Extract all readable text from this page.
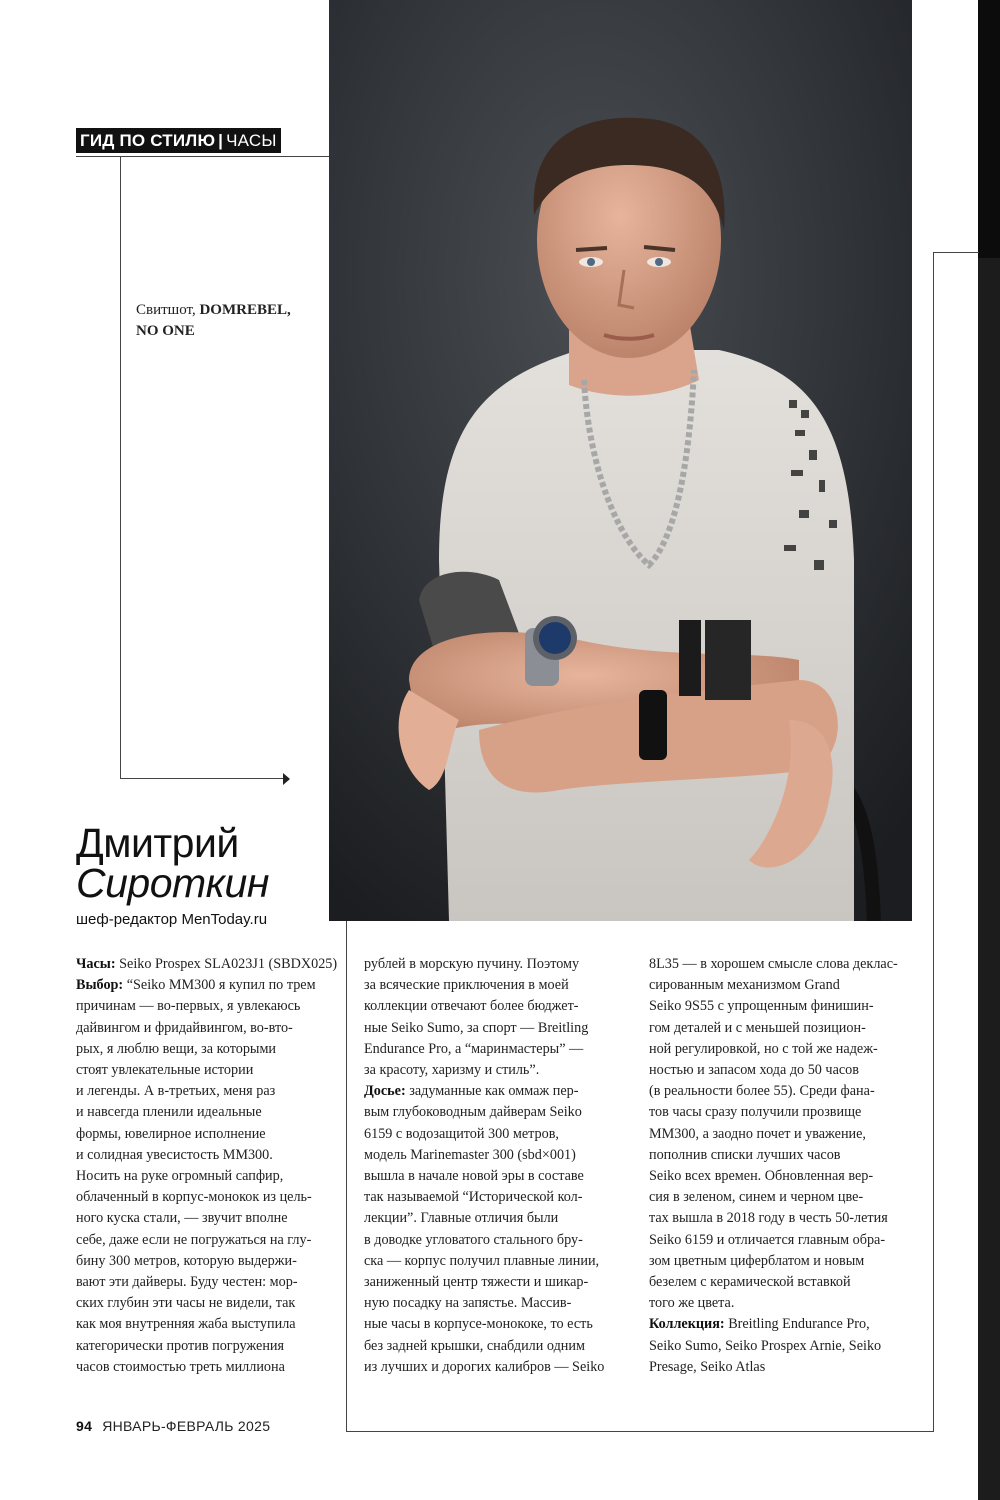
ГИД ПО СТИЛЮ | ЧАСЫ
Свитшот, DOMREBEL,
NO ONE
Дмитрий
Сироткин
шеф-редактор MenToday.ru
Часы: Seiko Prospex SLA023J1 (SBDX025)
Выбор: “Seiko MM300 я купил по трем
причинам — во-первых, я увлекаюсь
дайвингом и фридайвингом, во-вто-
рых, я люблю вещи, за которыми
стоят увлекательные истории
и легенды. А в-третьих, меня раз
и навсегда пленили идеальные
формы, ювелирное исполнение
и солидная увесистость MM300.
Носить на руке огромный сапфир,
облаченный в корпус-монокок из цель-
ного куска стали, — звучит вполне
себе, даже если не погружаться на глу-
бину 300 метров, которую выдержи-
вают эти дайверы. Буду честен: мор-
ских глубин эти часы не видели, так
как моя внутренняя жаба выступила
категорически против погружения
часов стоимостью треть миллиона
рублей в морскую пучину. Поэтому
за всяческие приключения в моей
коллекции отвечают более бюджет-
ные Seiko Sumo, за спорт — Breitling
Endurance Pro, а “маринмастеры” —
за красоту, харизму и стиль”.
Досье: задуманные как оммаж пер-
вым глубоководным дайверам Seiko
6159 с водозащитой 300 метров,
модель Marinemaster 300 (sbd×001)
вышла в начале новой эры в составе
так называемой “Исторической кол-
лекции”. Главные отличия были
в доводке угловатого стального бру-
ска — корпус получил плавные линии,
заниженный центр тяжести и шикар-
ную посадку на запястье. Массив-
ные часы в корпусе-монококе, то есть
без задней крышки, снабдили одним
из лучших и дорогих калибров — Seiko
8L35 — в хорошем смысле слова деклас-
сированным механизмом Grand
Seiko 9S55 с упрощенным финишин-
гом деталей и с меньшей позицион-
ной регулировкой, но с той же надеж-
ностью и запасом хода до 50 часов
(в реальности более 55). Среди фана-
тов часы сразу получили прозвище
MM300, а заодно почет и уважение,
пополнив списки лучших часов
Seiko всех времен. Обновленная вер-
сия в зеленом, синем и черном цве-
тах вышла в 2018 году в честь 50-летия
Seiko 6159 и отличается главным обра-
зом цветным циферблатом и новым
безелем с керамической вставкой
того же цвета.
Коллекция: Breitling Endurance Pro,
Seiko Sumo, Seiko Prospex Arnie, Seiko
Presage, Seiko Atlas
94 ЯНВАРЬ-ФЕВРАЛЬ 2025
